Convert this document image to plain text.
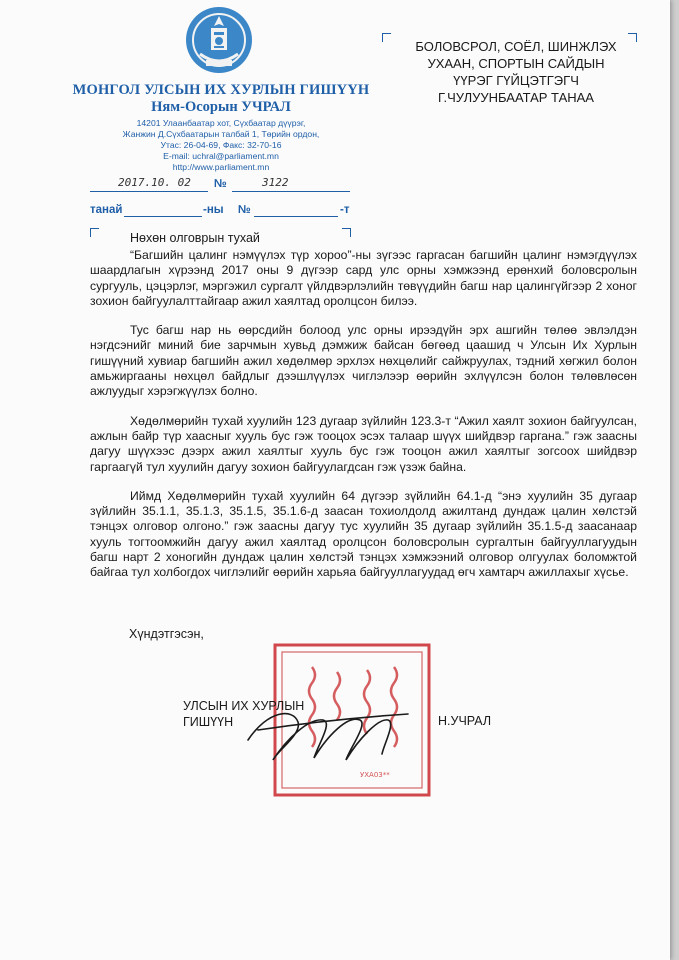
МОНГОЛ УЛСЫН ИХ ХУРЛЫН ГИШҮҮН
Ням-Осорын УЧРАЛ
14201 Улаанбаатар хот, Сүхбаатар дүүрэг,
Жанжин Д.Сүхбаатарын талбай 1, Төрийн ордон,
Утас: 26-04-69, Факс: 32-70-16
E-mail: uchral@parliament.mn
http://www.parliament.mn
2017.10. 02 №	3122
танай	-ны №	-т
БОЛОВСРОЛ, СОЁЛ, ШИНЖЛЭХ
УХААН, СПОРТЫН САЙДЫН
ҮҮРЭГ ГҮЙЦЭТГЭГЧ
Г.ЧУЛУУНБААТАР ТАНАА
Нөхөн олговрын тухай

“Багшийн цалинг нэмүүлэх түр хороо”-ны зүгээс гаргасан багшийн цалинг нэмэгдүүлэх шаардлагын хүрээнд 2017 оны 9 дүгээр сард улс орны хэмжээнд ерөнхий боловсролын сургууль, цэцэрлэг, мэргэжил сургалт үйлдвэрлэлийн төвүүдийн багш нар цалингүйгээр 2 хоног зохион байгуулалттайгаар ажил хаялтад оролцсон билээ.

Тус багш нар нь өөрсдийн болоод улс орны ирээдүйн эрх ашгийн төлөө эвлэлдэн нэгдсэнийг миний бие зарчмын хувьд дэмжиж байсан бөгөөд цаашид ч Улсын Их Хурлын гишүүний хувиар багшийн ажил хөдөлмөр эрхлэх нөхцөлийг сайжруулах, тэдний хөгжил болон амьжиргааны нөхцөл байдлыг дээшлүүлэх чиглэлээр өөрийн эхлүүлсэн болон төлөвлөсөн ажлуудыг хэрэгжүүлэх болно.

Хөдөлмөрийн тухай хуулийн 123 дугаар зүйлийн 123.3-т “Ажил хаялт зохион байгуулсан, ажлын байр түр хаасныг хууль бус гэж тооцох эсэх талаар шүүх шийдвэр гаргана.” гэж заасны дагуу шүүхээс дээрх ажил хаялтыг хууль бус гэж тооцон ажил хаялтыг зогсоох шийдвэр гаргаагүй тул хуулийн дагуу зохион байгуулагдсан гэж үзэж байна.

Иймд Хөдөлмөрийн тухай хуулийн 64 дүгээр зүйлийн 64.1-д “энэ хуулийн 35 дугаар зүйлийн 35.1.1, 35.1.3, 35.1.5, 35.1.6-д заасан тохиолдолд ажилтанд дундаж цалин хөлстэй тэнцэх олговор олгоно.” гэж заасны дагуу тус хуулийн 35 дугаар зүйлийн 35.1.5-д заасанаар хууль тогтоомжийн дагуу ажил хаялтад оролцсон боловсролын сургалтын байгууллагуудын багш нарт 2 хоногийн дундаж цалин хөлстэй тэнцэх хэмжээний олговор олгуулах боломжтой байгаа тул холбогдох чиглэлийг өөрийн харьяа байгууллагуудад өгч хамтарч ажиллахыг хүсье.

Хүндэтгэсэн,
УХА03**
УЛСЫН ИХ ХУРЛЫН
ГИШҮҮН	Н.УЧРАЛ
